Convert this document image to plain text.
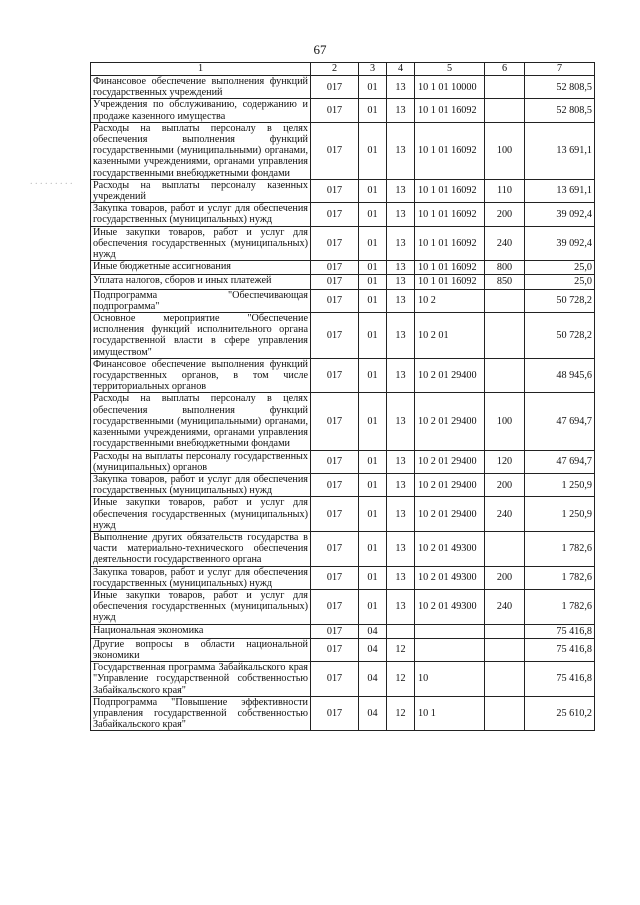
67
. . . . . . . . .
1	2	3	4	5	6	7
Финансовое обеспечение выполнения функций государственных учреждений	017	01	13	10 1 01 10000		52 808,5
Учреждения по обслуживанию, содержанию и продаже казенного имущества	017	01	13	10 1 01 16092		52 808,5
Расходы на выплаты персоналу в целях обеспечения выполнения функций государственными (муниципальными) органами, казенными учреждениями, органами управления государственными внебюджетными фондами	017	01	13	10 1 01 16092	100	13 691,1
Расходы на выплаты персоналу казенных учреждений	017	01	13	10 1 01 16092	110	13 691,1
Закупка товаров, работ и услуг для обеспечения государственных (муниципальных) нужд	017	01	13	10 1 01 16092	200	39 092,4
Иные закупки товаров, работ и услуг для обеспечения государственных (муниципальных) нужд	017	01	13	10 1 01 16092	240	39 092,4
Иные бюджетные ассигнования	017	01	13	10 1 01 16092	800	25,0
Уплата налогов, сборов и иных платежей	017	01	13	10 1 01 16092	850	25,0
Подпрограмма "Обеспечивающая подпрограмма"	017	01	13	10 2		50 728,2
Основное мероприятие "Обеспечение исполнения функций исполнительного органа государственной власти в сфере управления имуществом"	017	01	13	10 2 01		50 728,2
Финансовое обеспечение выполнения функций государственных органов, в том числе территориальных органов	017	01	13	10 2 01 29400		48 945,6
Расходы на выплаты персоналу в целях обеспечения выполнения функций государственными (муниципальными) органами, казенными учреждениями, органами управления государственными внебюджетными фондами	017	01	13	10 2 01 29400	100	47 694,7
Расходы на выплаты персоналу государственных (муниципальных) органов	017	01	13	10 2 01 29400	120	47 694,7
Закупка товаров, работ и услуг для обеспечения государственных (муниципальных) нужд	017	01	13	10 2 01 29400	200	1 250,9
Иные закупки товаров, работ и услуг для обеспечения государственных (муниципальных) нужд	017	01	13	10 2 01 29400	240	1 250,9
Выполнение других обязательств государства в части материально-технического обеспечения деятельности государственного органа	017	01	13	10 2 01 49300		1 782,6
Закупка товаров, работ и услуг для обеспечения государственных (муниципальных) нужд	017	01	13	10 2 01 49300	200	1 782,6
Иные закупки товаров, работ и услуг для обеспечения государственных (муниципальных) нужд	017	01	13	10 2 01 49300	240	1 782,6
Национальная экономика	017	04				75 416,8
Другие вопросы в области национальной экономики	017	04	12			75 416,8
Государственная программа Забайкальского края "Управление государственной собственностью Забайкальского края"	017	04	12	10		75 416,8
Подпрограмма "Повышение эффективности управления государственной собственностью Забайкальского края"	017	04	12	10 1		25 610,2
